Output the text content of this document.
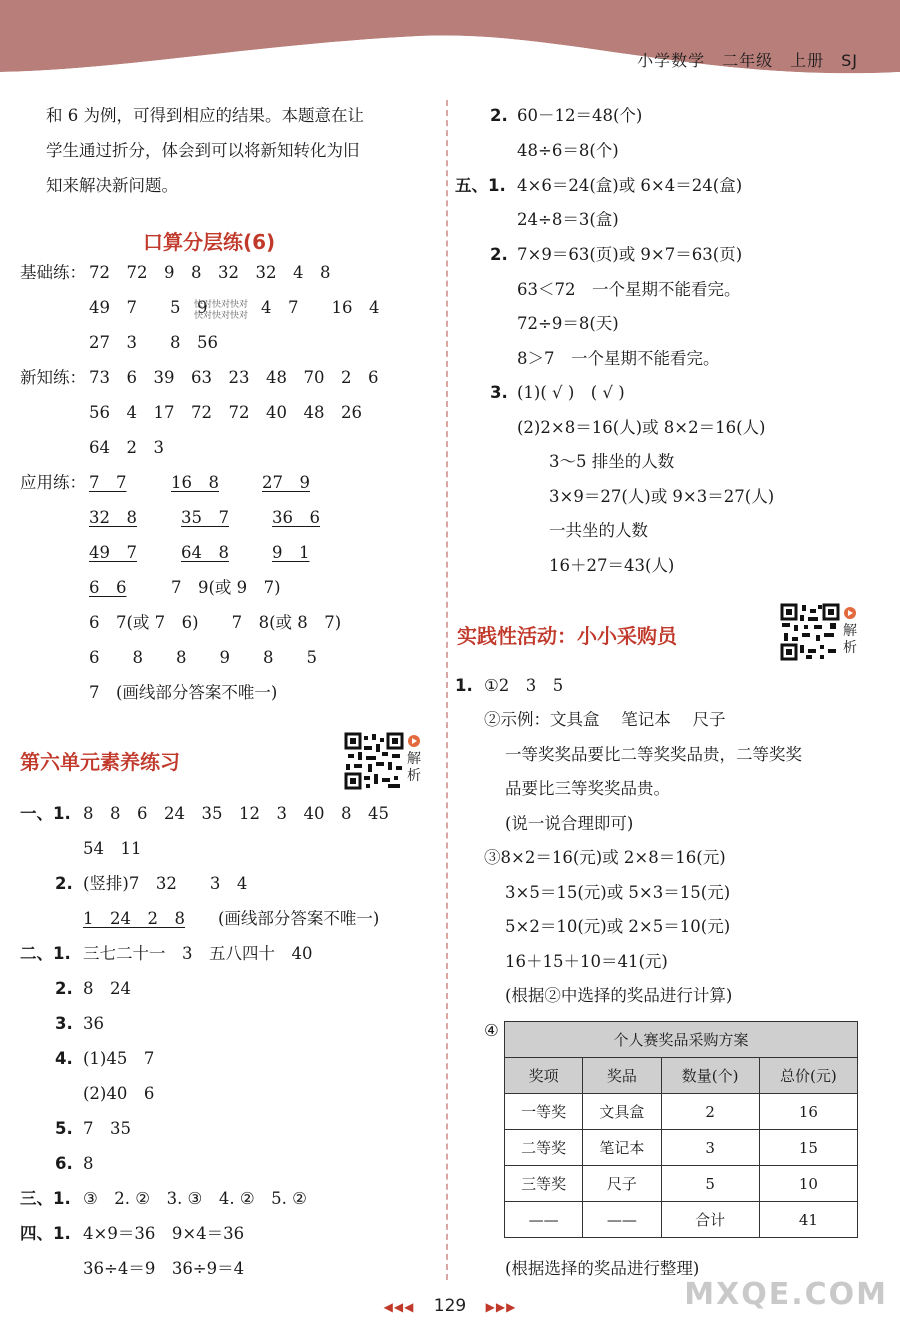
小学数学　二年级　上册　SJ
和 6 为例，可得到相应的结果。本题意在让
学生通过折分，体会到可以将新知转化为旧
知来解决新问题。
口算分层练(6)
基础练： 72　72　9　8　32　32　4　8
49　7　　5　9	4　7　　16　4
快对快对快对
快对快对快对
27　3　　8　56
新知练： 73　6　39　63　23　48　70　2　6
56　4　17　72　72　40　48　26
64　2　3
应用练： 7　7	16　8	27　9
32　8	35　7	36　6
49　7	64　8	9　1
6　6	7　9(或 9　7)
6　7(或 7　6)　　7　8(或 8　7)
6　　8　　8　　9　　8　　5
7　(画线部分答案不唯一)
第六单元素养练习	解析
一、1. 8　8　6　24　35　12　3　40　8　45
54　11
2. (竖排)7　32　　3　4
1　24　2　8 (画线部分答案不唯一)
二、1. 三七二十一　3　五八四十　40
2. 8　24
3. 36
4. (1)45　7
(2)40　6
5. 7　35
6. 8
三、1. ③　2. ②　3. ③　4. ②　5. ②
四、1. 4×9＝36　9×4＝36
36÷4＝9　36÷9＝4
2. 60－12＝48(个)
48÷6＝8(个)
五、1. 4×6＝24(盒)或 6×4＝24(盒)
24÷8＝3(盒)
2. 7×9＝63(页)或 9×7＝63(页)
63＜72　一个星期不能看完。
72÷9＝8(天)
8＞7　一个星期不能看完。
3. (1)( √ )　( √ )
(2)2×8＝16(人)或 8×2＝16(人)
3～5 排坐的人数
3×9＝27(人)或 9×3＝27(人)
一共坐的人数
16＋27＝43(人)
实践性活动：小小采购员	解析
1. ①2　3　5
②示例：文具盒　 笔记本　 尺子
一等奖奖品要比二等奖奖品贵，二等奖奖
品要比三等奖奖品贵。
(说一说合理即可)
③8×2＝16(元)或 2×8＝16(元)
3×5＝15(元)或 5×3＝15(元)
5×2＝10(元)或 2×5＝10(元)
16＋15＋10＝41(元)
(根据②中选择的奖品进行计算)
④	个人赛奖品采购方案			
奖项	奖品	数量(个)	总价(元)
一等奖	文具盒	2	16
二等奖	笔记本	3	15
三等奖	尺子	5	10
——	——	合计	41
(根据选择的奖品进行整理)
◀◀◀ 129 ▶▶▶	MXQE.COM
